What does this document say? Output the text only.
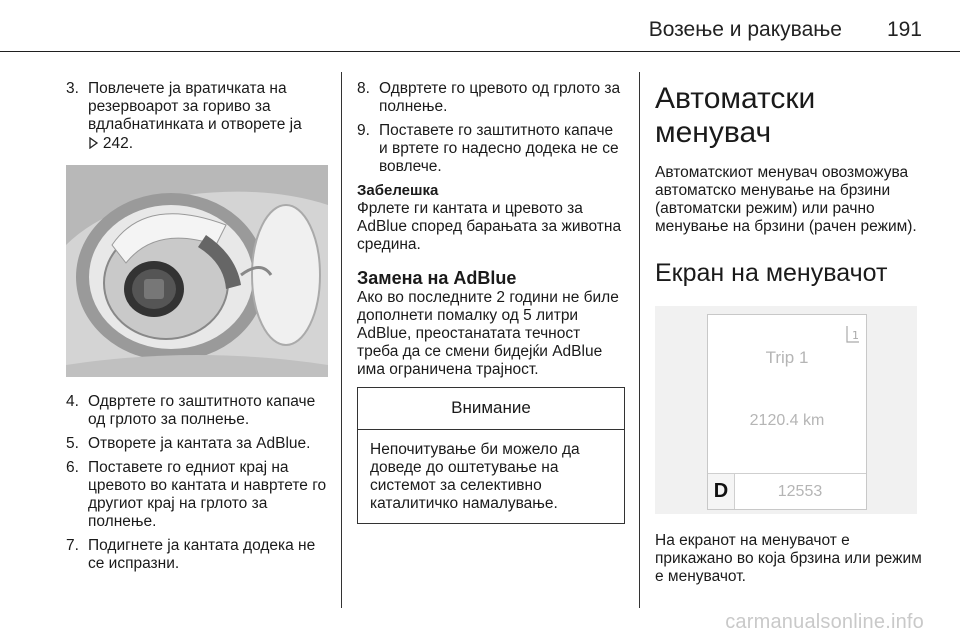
Возење и ракување 191
3. Повлечете ја вратичката на резервоарот за гориво за вдлабнатинката и отворете ја
242.
4. Одвртете го заштитното капаче од грлото за полнење.
5. Отворете ја кантата за AdBlue.
6. Поставете го едниот крај на цревото во кантата и навртете го другиот крај на грлото за полнење.
7. Подигнете ја кантата додека не се испразни.
8. Одвртете го цревото од грлото за полнење.
9. Поставете го заштитното капаче и вртете го надесно додека не се вовлече.
Забелешка
Фрлете ги кантата и цревото за AdBlue според барањата за животна средина.
Замена на AdBlue
Ако во последните 2 години не биле дополнети помалку од 5 литри AdBlue, преостанатата течност треба да се смени бидејќи AdBlue има ограничена трајност.
Внимание
Непочитување би можело да доведе до оштетување на системот за селективно каталитичко намалување.
Автоматски менувач
Автоматскиот менувач овозможува автоматско менување на брзини (автоматски режим) или рачно менување на брзини (рачен режим).
Екран на менувачот
1
Trip 1
2120.4 km
D	12553
На екранот на менувачот е прикажано во која брзина или режим е менувачот.
carmanualsonline.info
